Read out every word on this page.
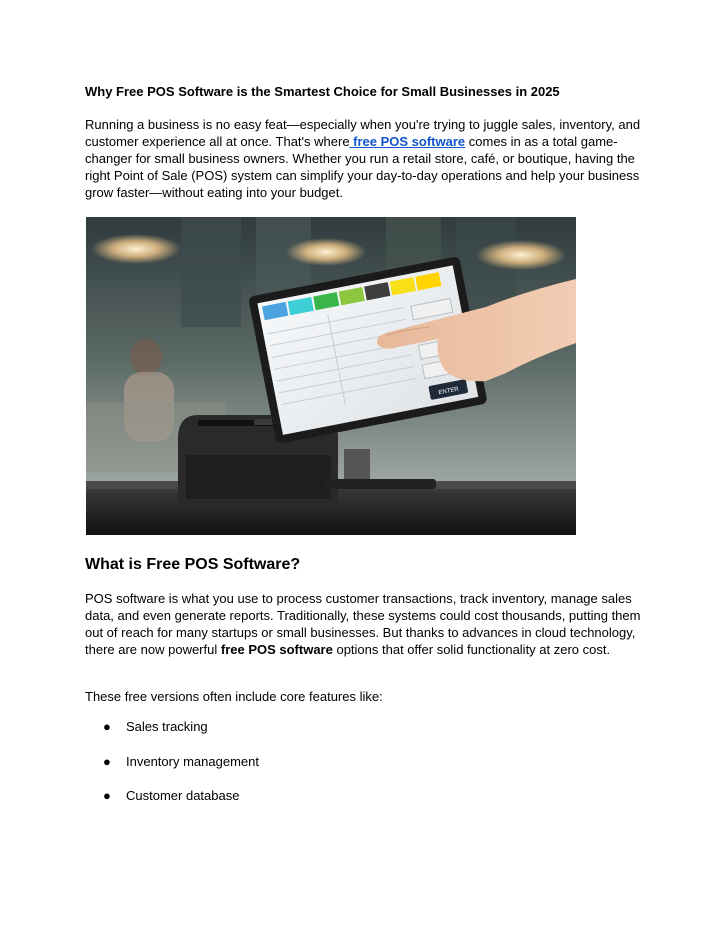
Why Free POS Software is the Smartest Choice for Small Businesses in 2025

Running a business is no easy feat—especially when you're trying to juggle sales, inventory, and customer experience all at once. That's where free POS software comes in as a total game-changer for small business owners. Whether you run a retail store, café, or boutique, having the right Point of Sale (POS) system can simplify your day-to-day operations and help your business grow faster—without eating into your budget.

ENTER
What is Free POS Software?

POS software is what you use to process customer transactions, track inventory, manage sales data, and even generate reports. Traditionally, these systems could cost thousands, putting them out of reach for many startups or small businesses. But thanks to advances in cloud technology, there are now powerful free POS software options that offer solid functionality at zero cost.

These free versions often include core features like:

● Sales tracking
● Inventory management
● Customer database
